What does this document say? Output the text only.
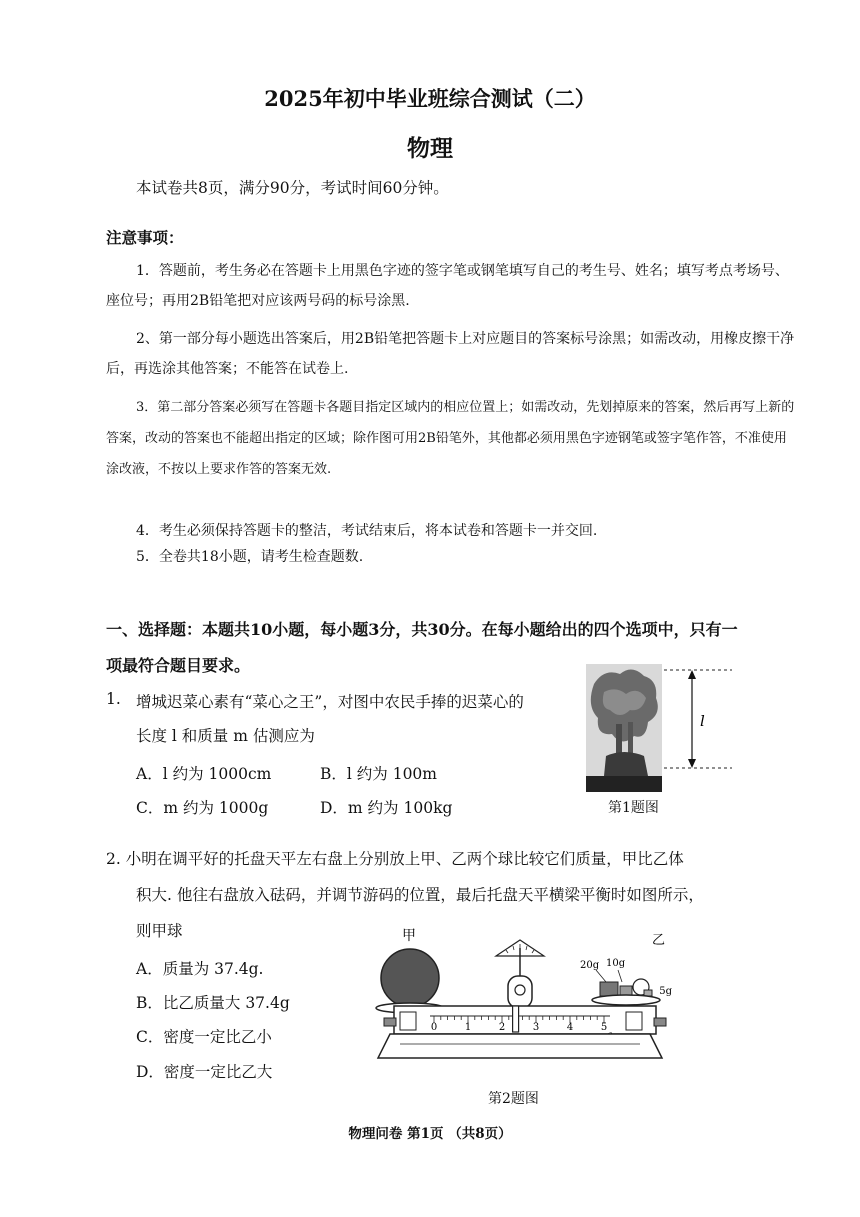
2025年初中毕业班综合测试（二）
物理
本试卷共8页，满分90分，考试时间60分钟。
注意事项：
1．答题前，考生务必在答题卡上用黑色字迹的签字笔或钢笔填写自己的考生号、姓名；填写考点考场号、座位号；再用2B铅笔把对应该两号码的标号涂黑.
2、第一部分每小题选出答案后，用2B铅笔把答题卡上对应题目的答案标号涂黑；如需改动，用橡皮擦干净后，再选涂其他答案；不能答在试卷上.
3．第二部分答案必须写在答题卡各题目指定区域内的相应位置上；如需改动，先划掉原来的答案，然后再写上新的答案，改动的答案也不能超出指定的区域；除作图可用2B铅笔外，其他都必须用黑色字迹钢笔或签字笔作答，不准使用涂改液，不按以上要求作答的答案无效.
4．考生必须保持答题卡的整洁，考试结束后，将本试卷和答题卡一并交回.
5．全卷共18小题，请考生检查题数.
一、选择题：本题共10小题，每小题3分，共30分。在每小题给出的四个选项中，只有一项最符合题目要求。
1. 增城迟菜心素有“菜心之王”，对图中农民手捧的迟菜心的
长度 l 和质量 m 估测应为
A．l 约为 1000cm	B．l 约为 100m
C．m 约为 1000g	D．m 约为 100kg
l
第1题图
2. 小明在调平好的托盘天平左右盘上分别放上甲、乙两个球比较它们质量，甲比乙体
积大. 他往右盘放入砝码，并调节游码的位置，最后托盘天平横梁平衡时如图所示，
则甲球
A．质量为 37.4g.
B．比乙质量大 37.4g
C．密度一定比乙小
D．密度一定比乙大
甲	乙
20g 10g
5g
0	1	2	3	4	5
第2题图
物理问卷 第1页 （共8页）
